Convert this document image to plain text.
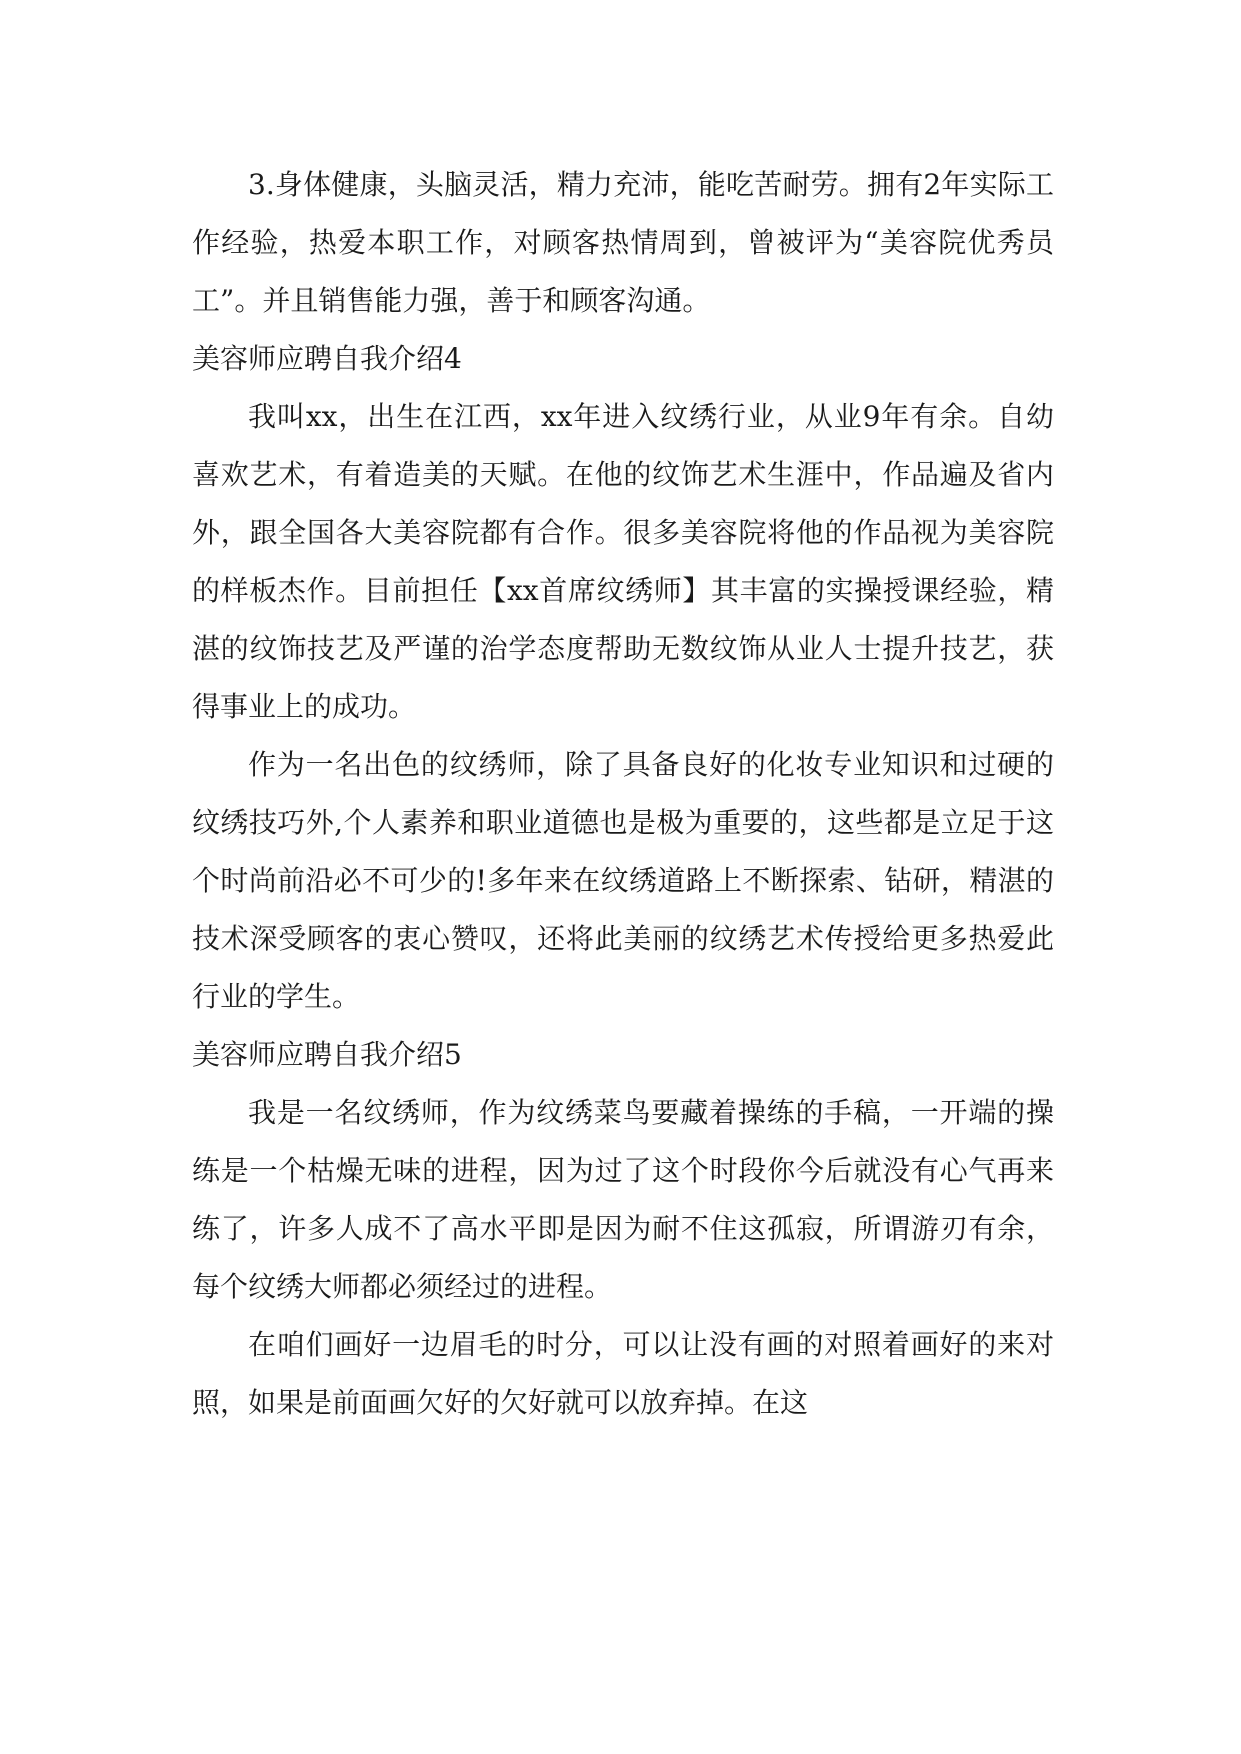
3.身体健康，头脑灵活，精力充沛，能吃苦耐劳。拥有2年实际工作经验，热爱本职工作，对顾客热情周到，曾被评为“美容院优秀员工”。并且销售能力强，善于和顾客沟通。

美容师应聘自我介绍4

我叫xx，出生在江西，xx年进入纹绣行业，从业9年有余。自幼喜欢艺术，有着造美的天赋。在他的纹饰艺术生涯中，作品遍及省内外，跟全国各大美容院都有合作。很多美容院将他的作品视为美容院的样板杰作。目前担任【xx首席纹绣师】其丰富的实操授课经验，精湛的纹饰技艺及严谨的治学态度帮助无数纹饰从业人士提升技艺，获得事业上的成功。

作为一名出色的纹绣师，除了具备良好的化妆专业知识和过硬的纹绣技巧外,个人素养和职业道德也是极为重要的，这些都是立足于这个时尚前沿必不可少的!多年来在纹绣道路上不断探索、钻研，精湛的技术深受顾客的衷心赞叹，还将此美丽的纹绣艺术传授给更多热爱此行业的学生。

美容师应聘自我介绍5

我是一名纹绣师，作为纹绣菜鸟要藏着操练的手稿，一开端的操练是一个枯燥无味的进程，因为过了这个时段你今后就没有心气再来练了，许多人成不了高水平即是因为耐不住这孤寂，所谓游刃有余，每个纹绣大师都必须经过的进程。

在咱们画好一边眉毛的时分，可以让没有画的对照着画好的来对照，如果是前面画欠好的欠好就可以放弃掉。在这
